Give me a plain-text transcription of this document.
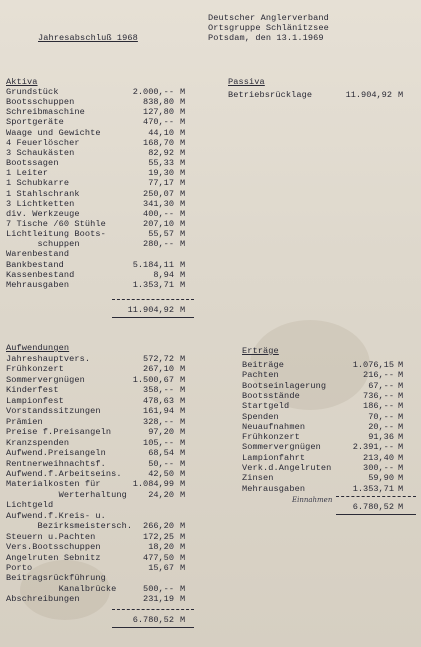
Jahresabschluß 1968
Deutscher Anglerverband
Ortsgruppe Schlänitzsee
Potsdam, den 13.1.1969
Aktiva	Passiva
Aufwendungen	Erträge
Grundstück	2.000,-- M
Bootsschuppen	838,80 M
Schreibmaschine	127,80 M
Sportgeräte	470,-- M
Waage und Gewichte	44,10 M
4 Feuerlöscher	168,70 M
3 Schaukästen	82,92 M
Bootssagen	55,33 M
1 Leiter	19,30 M
1 Schubkarre	77,17 M
1 Stahlschrank	250,07 M
3 Lichtketten	341,30 M
div. Werkzeuge	400,-- M
7 Tische /60 Stühle	207,10 M
Lichtleitung Boots-	55,57 M
schuppen	280,-- M
Warenbestand
Bankbestand	5.184,11 M
Kassenbestand	8,94 M
Mehrausgaben	1.353,71 M
Betriebsrücklage	11.904,92 M
Jahreshauptvers.	572,72 M
Frühkonzert	267,10 M
Sommervergnügen	1.500,67 M
Kinderfest	358,-- M
Lampionfest	478,63 M
Vorstandssitzungen	161,94 M
Prämien	328,-- M
Preise f.Preisangeln	97,20 M
Kranzspenden	105,-- M
Aufwend.Preisangeln	68,54 M
Rentnerweihnachtsf.	50,-- M
Aufwend.f.Arbeitseins.	42,50 M
Materialkosten für	1.084,99 M
Werterhaltung	24,20 M
Lichtgeld
Aufwend.f.Kreis- u.
Bezirksmeistersch.	266,20 M
Steuern u.Pachten	172,25 M
Vers.Bootsschuppen	18,20 M
Angelruten Sebnitz	477,50 M
Porto	15,67 M
Beitragsrückführung
Kanalbrücke	500,-- M
Abschreibungen	231,19 M
Beiträge	1.076,15 M
Pachten	216,-- M
Bootseinlagerung	67,-- M
Bootsstände	736,-- M
Startgeld	186,-- M
Spenden	70,-- M
Neuaufnahmen	20,-- M
Frühkonzert	91,36 M
Sommervergnügen	2.391,-- M
Lampionfahrt	213,40 M
Verk.d.Angelruten	300,-- M
Zinsen	59,90 M
Mehrausgaben	1.353,71 M
11.904,92 M
6.780,52 M
Einnahmen
6.780,52 M
